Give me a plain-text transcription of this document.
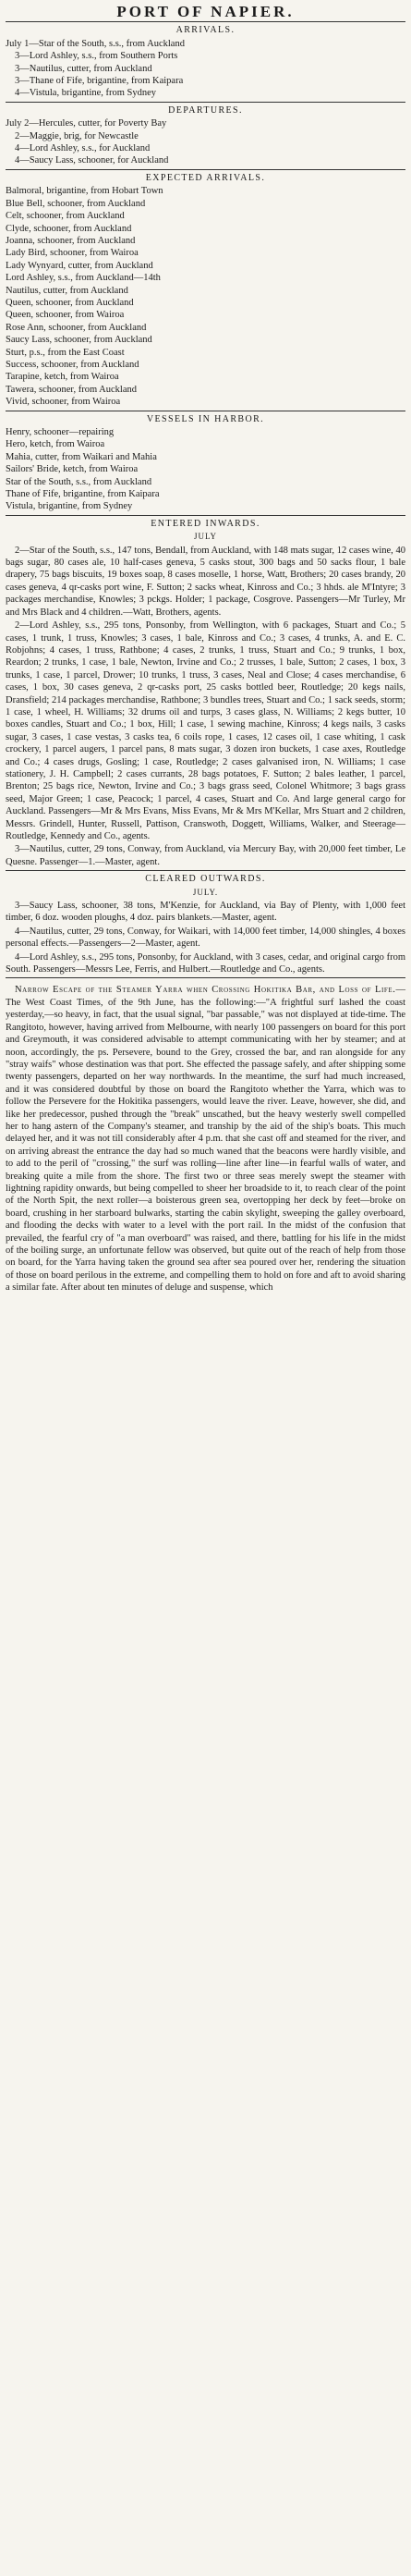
PORT OF NAPIER.
ARRIVALS.
July 1—Star of the South, s.s., from Auckland
3—Lord Ashley, s.s., from Southern Ports
3—Nautilus, cutter, from Auckland
3—Thane of Fife, brigantine, from Kaipara
4—Vistula, brigantine, from Sydney
DEPARTURES.
July 2—Hercules, cutter, for Poverty Bay
2—Maggie, brig, for Newcastle
4—Lord Ashley, s.s., for Auckland
4—Saucy Lass, schooner, for Auckland
EXPECTED ARRIVALS.
Balmoral, brigantine, from Hobart Town
Blue Bell, schooner, from Auckland
Celt, schooner, from Auckland
Clyde, schooner, from Auckland
Joanna, schooner, from Auckland
Lady Bird, schooner, from Wairoa
Lady Wynyard, cutter, from Auckland
Lord Ashley, s.s., from Auckland—14th
Nautilus, cutter, from Auckland
Queen, schooner, from Auckland
Queen, schooner, from Wairoa
Rose Ann, schooner, from Auckland
Saucy Lass, schooner, from Auckland
Sturt, p.s., from the East Coast
Success, schooner, from Auckland
Tarapine, ketch, from Wairoa
Tawera, schooner, from Auckland
Vivid, schooner, from Wairoa
VESSELS IN HARBOR.
Henry, schooner—repairing
Hero, ketch, from Wairoa
Mahia, cutter, from Waikari and Mahia
Sailors' Bride, ketch, from Wairoa
Star of the South, s.s., from Auckland
Thane of Fife, brigantine, from Kaipara
Vistula, brigantine, from Sydney
ENTERED INWARDS.
JULY
2—Star of the South, s.s., 147 tons, Bendall, from Auckland, with 148 mats sugar, 12 cases wine, 40 bags sugar, 80 cases ale, 10 half-cases geneva, 5 casks stout, 300 bags and 50 sacks flour, 1 bale drapery, 75 bags biscuits, 19 boxes soap, 8 cases moselle, 1 horse, Watt, Brothers; 20 cases brandy, 20 cases geneva, 4 qr-casks port wine, F. Sutton; 2 sacks wheat, Kinross and Co.; 3 hhds. ale M'Intyre; 3 packages merchandise, Knowles; 3 pckgs. Holder; 1 package, Cosgrove. Passengers—Mr Turley, Mr and Mrs Black and 4 children.—Watt, Brothers, agents.
2—Lord Ashley, s.s., 295 tons, Ponsonby, from Wellington, with 6 packages, Stuart and Co.; 5 cases, 1 trunk, 1 truss, Knowles; 3 cases, 1 bale, Kinross and Co.; 3 cases, 4 trunks, A. and E. C. Robjohns; 4 cases, 1 truss, Rathbone; 4 cases, 2 trunks, 1 truss, Stuart and Co.; 9 trunks, 1 box, Reardon; 2 trunks, 1 case, 1 bale, Newton, Irvine and Co.; 2 trusses, 1 bale, Sutton; 2 cases, 1 box, 3 trunks, 1 case, 1 parcel, Drower; 10 trunks, 1 truss, 3 cases, Neal and Close; 4 cases merchandise, 6 cases, 1 box, 30 cases geneva, 2 qr-casks port, 25 casks bottled beer, Routledge; 20 kegs nails, Dransfield; 214 packages merchandise, Rathbone; 3 bundles trees, Stuart and Co.; 1 sack seeds, storm; 1 case, 1 wheel, H. Williams; 32 drums oil and turps, 3 cases glass, N. Williams; 2 kegs butter, 10 boxes candles, Stuart and Co.; 1 box, Hill; 1 case, 1 sewing machine, Kinross; 4 kegs nails, 3 casks sugar, 3 cases, 1 case vestas, 3 casks tea, 6 coils rope, 1 cases, 12 cases oil, 1 case whiting, 1 cask crockery, 1 parcel augers, 1 parcel pans, 8 mats sugar, 3 dozen iron buckets, 1 case axes, Routledge and Co.; 4 cases drugs, Gosling; 1 case, Routledge; 2 cases galvanised iron, N. Williams; 1 case stationery, J. H. Campbell; 2 cases currants, 28 bags potatoes, F. Sutton; 2 bales leather, 1 parcel, Brenton; 25 bags rice, Newton, Irvine and Co.; 3 bags grass seed, Colonel Whitmore; 3 bags grass seed, Major Green; 1 case, Peacock; 1 parcel, 4 cases, Stuart and Co. And large general cargo for Auckland. Passengers—Mr & Mrs Evans, Miss Evans, Mr & Mrs M'Kellar, Mrs Stuart and 2 children, Messrs. Grindell, Hunter, Russell, Pattison, Cranswoth, Doggett, Williams, Walker, and Steerage—Routledge, Kennedy and Co., agents.
3—Nautilus, cutter, 29 tons, Conway, from Auckland, via Mercury Bay, with 20,000 feet timber, Le Quesne. Passenger—1.—Master, agent.
CLEARED OUTWARDS.
JULY.
3—Saucy Lass, schooner, 38 tons, M'Kenzie, for Auckland, via Bay of Plenty, with 1,000 feet timber, 6 doz. wooden ploughs, 4 doz. pairs blankets.—Master, agent.
4—Nautilus, cutter, 29 tons, Conway, for Waikari, with 14,000 feet timber, 14,000 shingles, 4 boxes personal effects.—Passengers—2—Master, agent.
4—Lord Ashley, s.s., 295 tons, Ponsonby, for Auckland, with 3 cases, cedar, and original cargo from South. Passengers—Messrs Lee, Ferris, and Hulbert.—Routledge and Co., agents.
Narrow Escape of the Steamer Yarra when Crossing Hokitika Bar, and Loss of Life.—The West Coast Times, of the 9th June, has the following:—"A frightful surf lashed the coast yesterday,—so heavy, in fact, that the usual signal, "bar passable," was not displayed at tide-time. The Rangitoto, however, having arrived from Melbourne, with nearly 100 passengers on board for this port and Greymouth, it was considered advisable to attempt communicating with her by steamer; and at noon, accordingly, the ps. Persevere, bound to the Grey, crossed the bar, and ran alongside for any "stray waifs" whose destination was that port. She effected the passage safely, and after shipping some twenty passengers, departed on her way northwards. In the meantime, the surf had much increased, and it was considered doubtful by those on board the Rangitoto whether the Yarra, which was to follow the Persevere for the Hokitika passengers, would leave the river. Leave, however, she did, and like her predecessor, pushed through the "break" unscathed, but the heavy westerly swell compelled her to hang astern of the Company's steamer, and tranship by the aid of the ship's boats. This much delayed her, and it was not till considerably after 4 p.m. that she cast off and steamed for the river, and on arriving abreast the entrance the day had so much waned that the beacons were hardly visible, and to add to the peril of "crossing," the surf was rolling—line after line—in fearful walls of water, and breaking quite a mile from the shore. The first two or three seas merely swept the steamer with lightning rapidity onwards, but being compelled to sheer her broadside to it, to reach clear of the point of the North Spit, the next roller—a boisterous green sea, overtopping her deck by feet—broke on board, crushing in her starboard bulwarks, starting the cabin skylight, sweeping the galley overboard, and flooding the decks with water to a level with the port rail. In the midst of the confusion that prevailed, the fearful cry of "a man overboard" was raised, and there, battling for his life in the midst of the boiling surge, an unfortunate fellow was observed, but quite out of the reach of help from those on board, for the Yarra having taken the ground sea after sea poured over her, rendering the situation of those on board perilous in the extreme, and compelling them to hold on fore and aft to avoid sharing a similar fate. After about ten minutes of deluge and suspense, which
